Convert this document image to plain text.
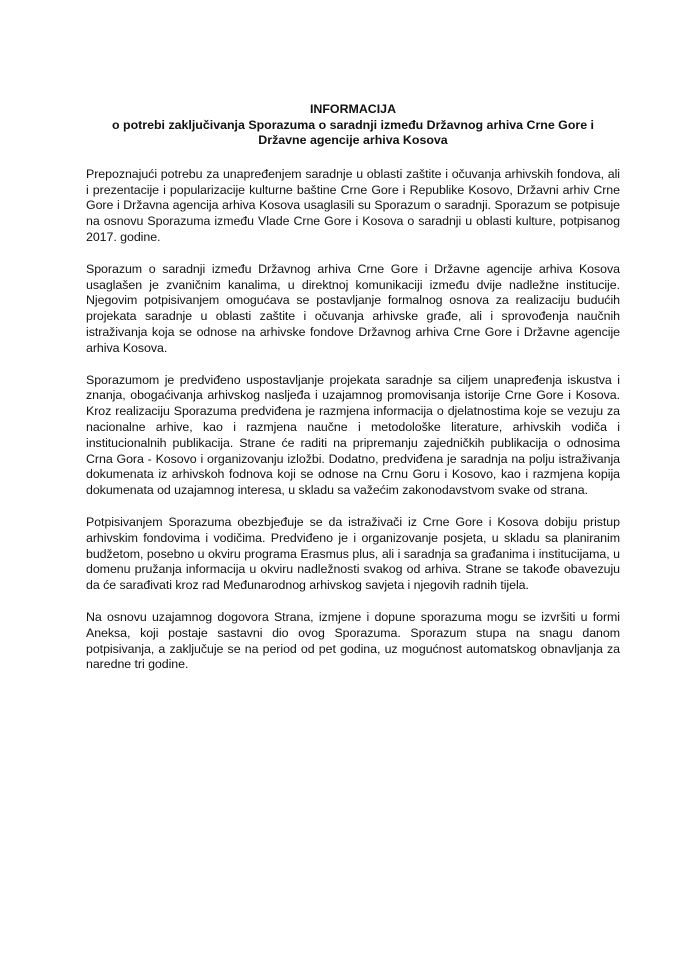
INFORMACIJA
o potrebi zaključivanja Sporazuma o saradnji između Državnog arhiva Crne Gore i
Državne agencije arhiva Kosova

Prepoznajući potrebu za unapređenjem saradnje u oblasti zaštite i očuvanja arhivskih fondova, ali i prezentacije i popularizacije kulturne baštine Crne Gore i Republike Kosovo, Državni arhiv Crne Gore i Državna agencija arhiva Kosova usaglasili su Sporazum o saradnji. Sporazum se potpisuje na osnovu Sporazuma između Vlade Crne Gore i Kosova o saradnji u oblasti kulture, potpisanog 2017. godine.

Sporazum o saradnji između Državnog arhiva Crne Gore i Državne agencije arhiva Kosova usaglašen je zvaničnim kanalima, u direktnoj komunikaciji između dvije nadležne institucije. Njegovim potpisivanjem omogućava se postavljanje formalnog osnova za realizaciju budućih projekata saradnje u oblasti zaštite i očuvanja arhivske građe, ali i sprovođenja naučnih istraživanja koja se odnose na arhivske fondove Državnog arhiva Crne Gore i Državne agencije arhiva Kosova.

Sporazumom je predviđeno uspostavljanje projekata saradnje sa ciljem unapređenja iskustva i znanja, obogaćivanja arhivskog nasljeđa i uzajamnog promovisanja istorije Crne Gore i Kosova. Kroz realizaciju Sporazuma predviđena je razmjena informacija o djelatnostima koje se vezuju za nacionalne arhive, kao i razmjena naučne i metodološke literature, arhivskih vodiča i institucionalnih publikacija. Strane će raditi na pripremanju zajedničkih publikacija o odnosima Crna Gora - Kosovo i organizovanju izložbi. Dodatno, predviđena je saradnja na polju istraživanja dokumenata iz arhivskoh fodnova koji se odnose na Crnu Goru i Kosovo, kao i razmjena kopija dokumenata od uzajamnog interesa, u skladu sa važećim zakonodavstvom svake od strana.

Potpisivanjem Sporazuma obezbjeđuje se da istraživači iz Crne Gore i Kosova dobiju pristup arhivskim fondovima i vodičima. Predviđeno je i organizovanje posjeta, u skladu sa planiranim budžetom, posebno u okviru programa Erasmus plus, ali i saradnja sa građanima i institucijama, u domenu pružanja informacija u okviru nadležnosti svakog od arhiva. Strane se takođe obavezuju da će sarađivati kroz rad Međunarodnog arhivskog savjeta i njegovih radnih tijela.

Na osnovu uzajamnog dogovora Strana, izmjene i dopune sporazuma mogu se izvršiti u formi Aneksa, koji postaje sastavni dio ovog Sporazuma. Sporazum stupa na snagu danom potpisivanja, a zaključuje se na period od pet godina, uz mogućnost automatskog obnavljanja za naredne tri godine.
